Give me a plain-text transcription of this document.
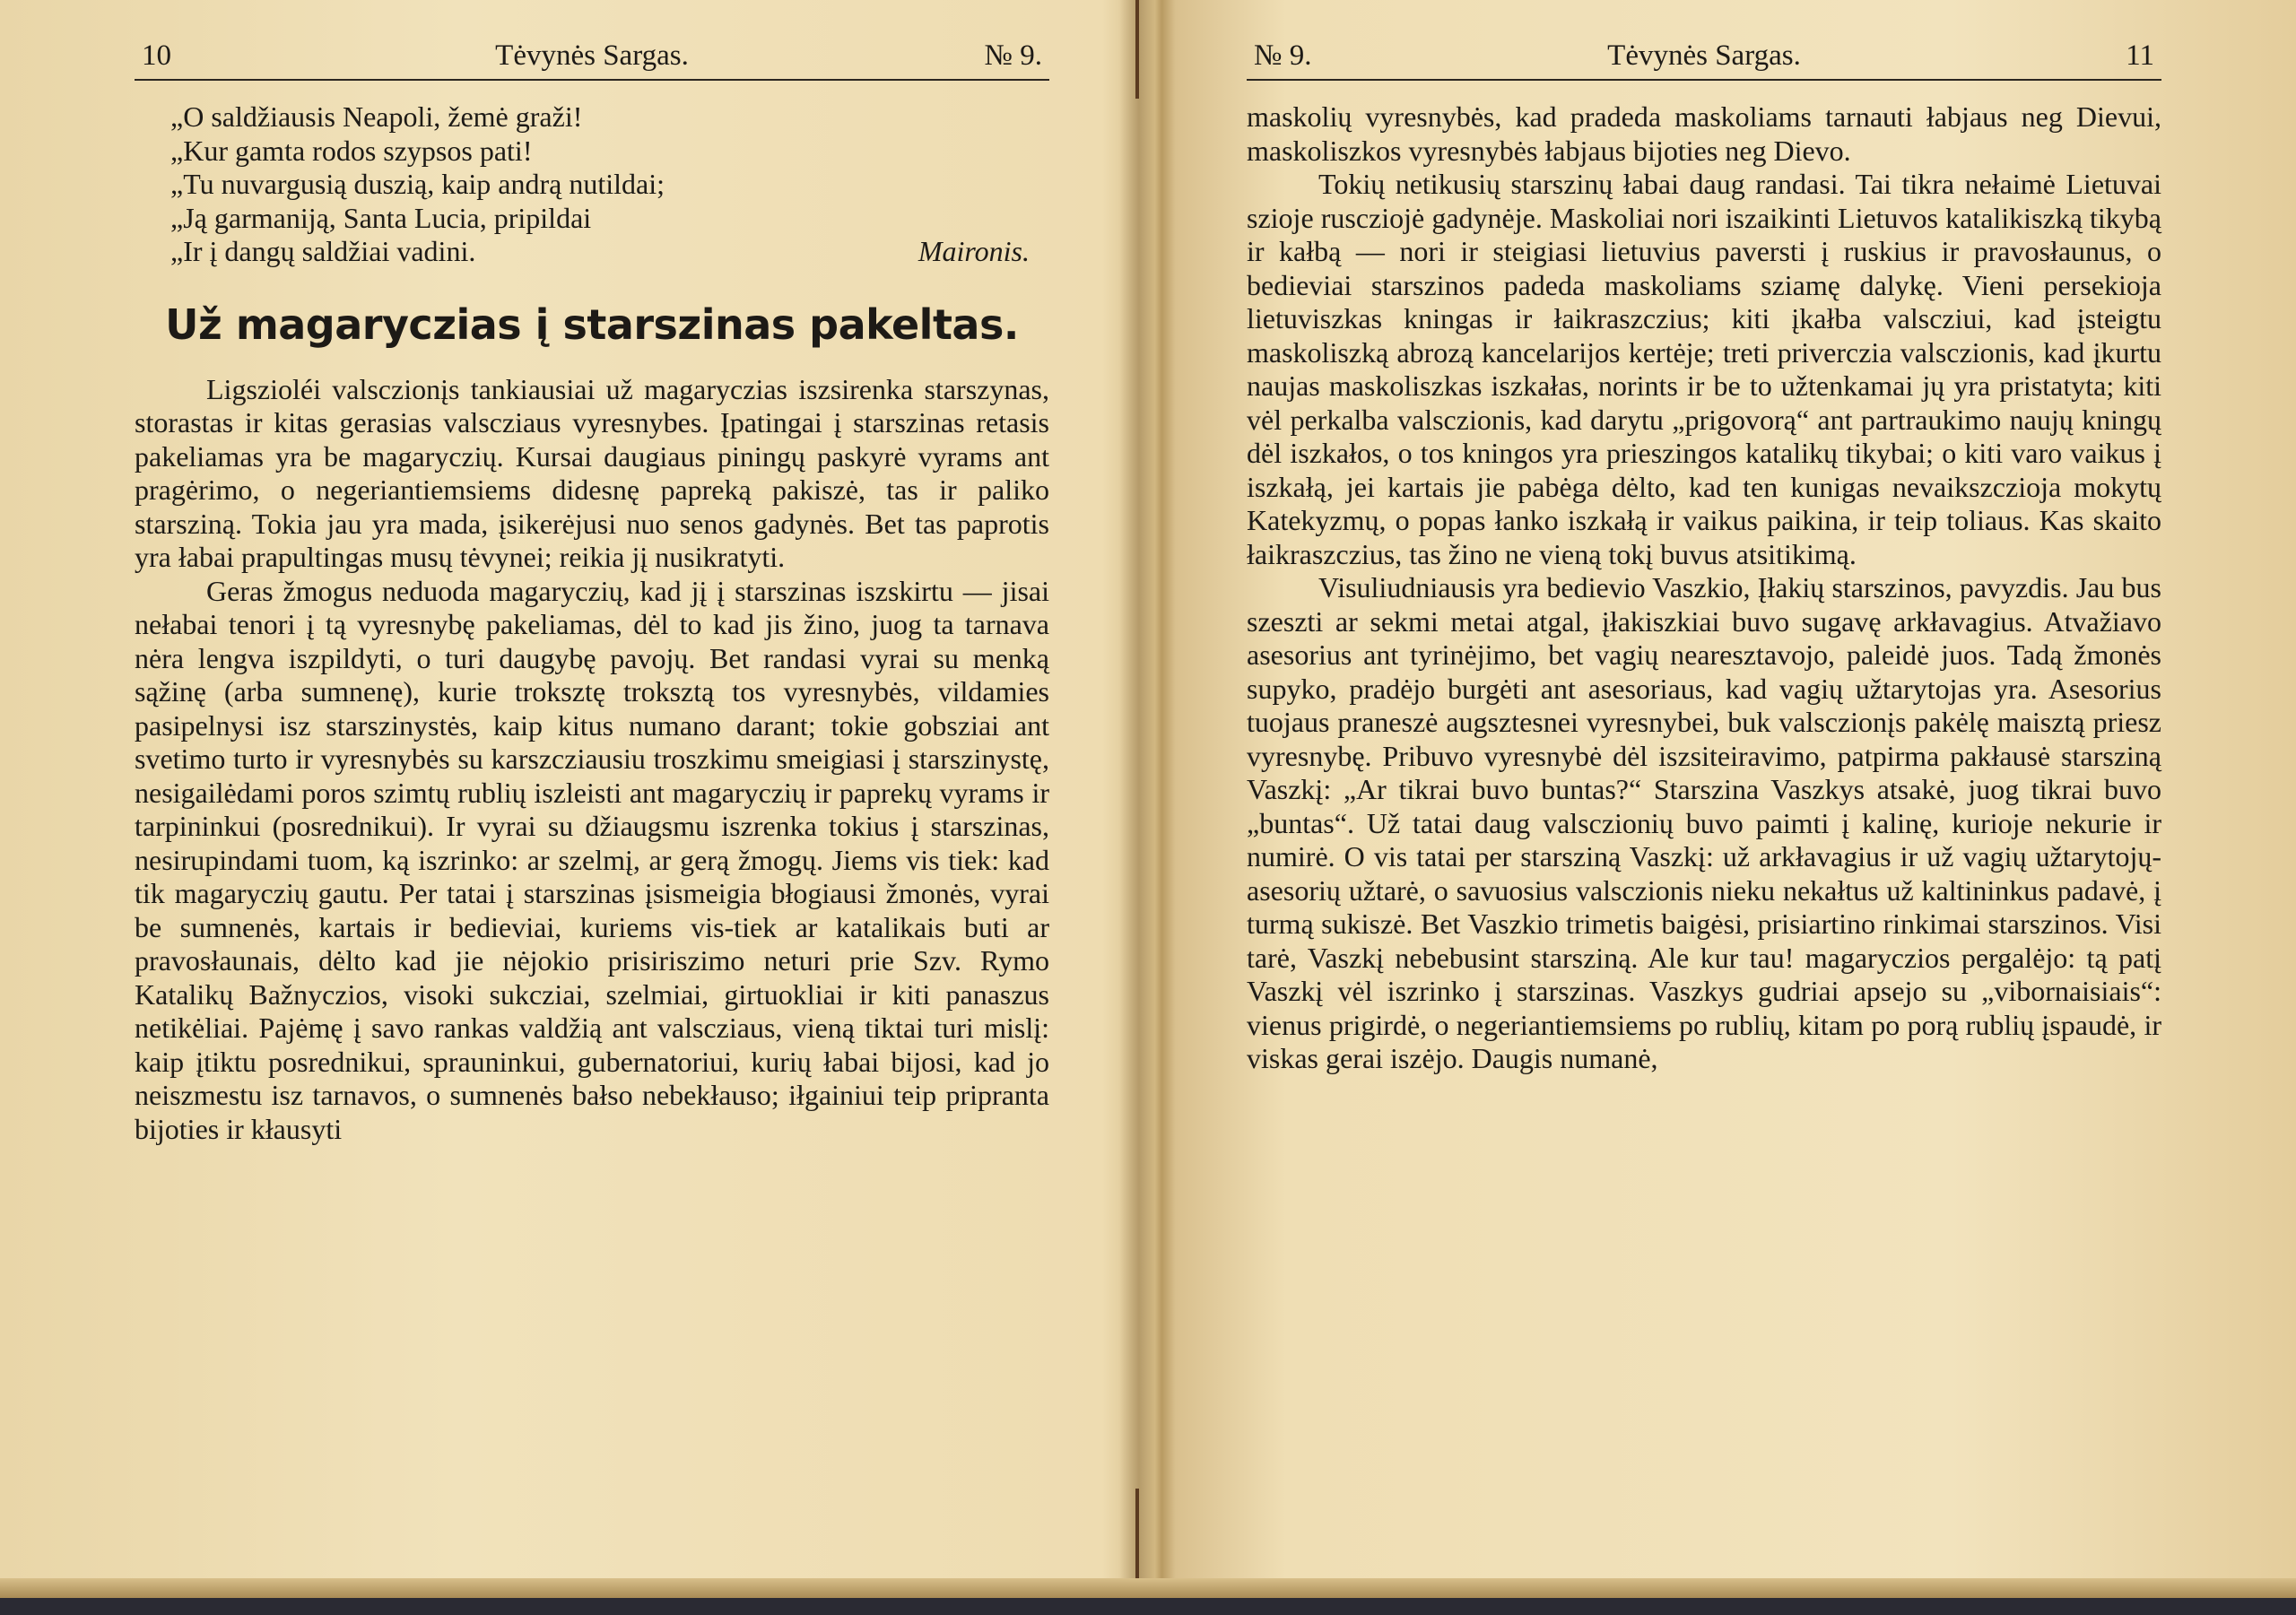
10	Tėvynės Sargas.	№ 9.
„O saldžiausis Neapoli, žemė graži!
„Kur gamta rodos szypsos pati!
„Tu nuvargusią duszią, kaip andrą nutildai;
„Ją garmaniją, Santa Lucia, pripildai
„Ir į dangų saldžiai vadini.	Maironis.
Už magaryczias į starszinas pakeltas.

Ligszioléi valsczionįs tankiausiai už magaryczias iszsirenka starszynas, storastas ir kitas gerasias valscziaus vyresnybes. Įpatingai į starszinas retasis pakeliamas yra be magaryczių. Kursai daugiaus piningų paskyrė vyrams ant pragėrimo, o negeriantiemsiems didesnę papreką pakiszė, tas ir paliko starsziną. Tokia jau yra mada, įsikerėjusi nuo senos gadynės. Bet tas paprotis yra łabai prapultingas musų tėvynei; reikia jį nusikratyti.

Geras žmogus neduoda magaryczių, kad jį į starszinas iszskirtu — jisai nełabai tenori į tą vyresnybę pakeliamas, dėl to kad jis žino, juog ta tarnava nėra lengva iszpildyti, o turi daugybę pavojų. Bet randasi vyrai su menką sąžinę (arba sumnenę), kurie troksztę troksztą tos vyresnybės, vildamies pasipelnysi isz starszinystės, kaip kitus numano darant; tokie gobsziai ant svetimo turto ir vyresnybės su karszcziausiu troszkimu smeigiasi į starszinystę, nesigailėdami poros szimtų rublių iszleisti ant magaryczių ir paprekų vyrams ir tarpininkui (posrednikui). Ir vyrai su džiaugsmu iszrenka tokius į starszinas, nesirupindami tuom, ką iszrinko: ar szelmį, ar gerą žmogų. Jiems vis tiek: kad tik magaryczių gautu. Per tatai į starszinas įsismeigia błogiausi žmonės, vyrai be sumnenės, kartais ir bedieviai, kuriems vis-tiek ar katalikais buti ar pravosłaunais, dėlto kad jie nėjokio prisiriszimo neturi prie Szv. Rymo Katalikų Bažnyczios, visoki sukcziai, szelmiai, girtuokliai ir kiti panaszus netikėliai. Pajėmę į savo rankas valdžią ant valscziaus, vieną tiktai turi mislį: kaip įtiktu posrednikui, sprauninkui, gubernatoriui, kurių łabai bijosi, kad jo neiszmestu isz tarnavos, o sumnenės bałso nebekłauso; iłgainiui teip pripranta bijoties ir kłausyti

№ 9.	Tėvynės Sargas.	11

maskolių vyresnybės, kad pradeda maskoliams tarnauti łabjaus neg Dievui, maskoliszkos vyresnybės łabjaus bijoties neg Dievo.

Tokių netikusių starszinų łabai daug randasi. Tai tikra nełaimė Lietuvai szioje ruscziojė gadynėje. Maskoliai nori iszaikinti Lietuvos katalikiszką tikybą ir kałbą — nori ir steigiasi lietuvius paversti į ruskius ir pravosłaunus, o bedieviai starszinos padeda maskoliams sziamę dalykę. Vieni persekioja lietuviszkas kningas ir łaikraszczius; kiti įkałba valscziui, kad įsteigtu maskoliszką abrozą kancelarijos kertėje; treti priverczia valsczionis, kad įkurtu naujas maskoliszkas iszkałas, norints ir be to užtenkamai jų yra pristatyta; kiti vėl perkalba valsczionis, kad darytu „prigovorą“ ant partraukimo naujų kningų dėl iszkałos, o tos kningos yra prieszingos katalikų tikybai; o kiti varo vaikus į iszkałą, jei kartais jie pabėga dėlto, kad ten kunigas nevaikszczioja mokytų Katekyzmų, o popas łanko iszkałą ir vaikus paikina, ir teip toliaus. Kas skaito łaikraszczius, tas žino ne vieną tokį buvus atsitikimą.

Visuliudniausis yra bedievio Vaszkio, Įłakių starszinos, pavyzdis. Jau bus szeszti ar sekmi metai atgal, įłakiszkiai buvo sugavę arkłavagius. Atvažiavo asesorius ant tyrinėjimo, bet vagių nearesztavojo, paleidė juos. Tadą žmonės supyko, pradėjo burgėti ant asesoriaus, kad vagių užtarytojas yra. Asesorius tuojaus praneszė augsztesnei vyresnybei, buk valsczionįs pakėlę maisztą priesz vyresnybę. Pribuvo vyresnybė dėl iszsiteiravimo, patpirma pakłausė starsziną Vaszkį: „Ar tikrai buvo buntas?“ Starszina Vaszkys atsakė, juog tikrai buvo „buntas“. Už tatai daug valsczionių buvo paimti į kalinę, kurioje nekurie ir numirė. O vis tatai per starsziną Vaszkį: už arkłavagius ir už vagių užtarytojų-asesorių užtarė, o savuosius valsczionis nieku nekałtus už kaltininkus padavė, į turmą sukiszė. Bet Vaszkio trimetis baigėsi, prisiartino rinkimai starszinos. Visi tarė, Vaszkį nebebusint starsziną. Ale kur tau! magaryczios pergalėjo: tą patį Vaszkį vėl iszrinko į starszinas. Vaszkys gudriai apsejo su „vibornaisiais“: vienus prigirdė, o negeriantiemsiems po rublių, kitam po porą rublių įspaudė, ir viskas gerai iszėjo. Daugis numanė,
